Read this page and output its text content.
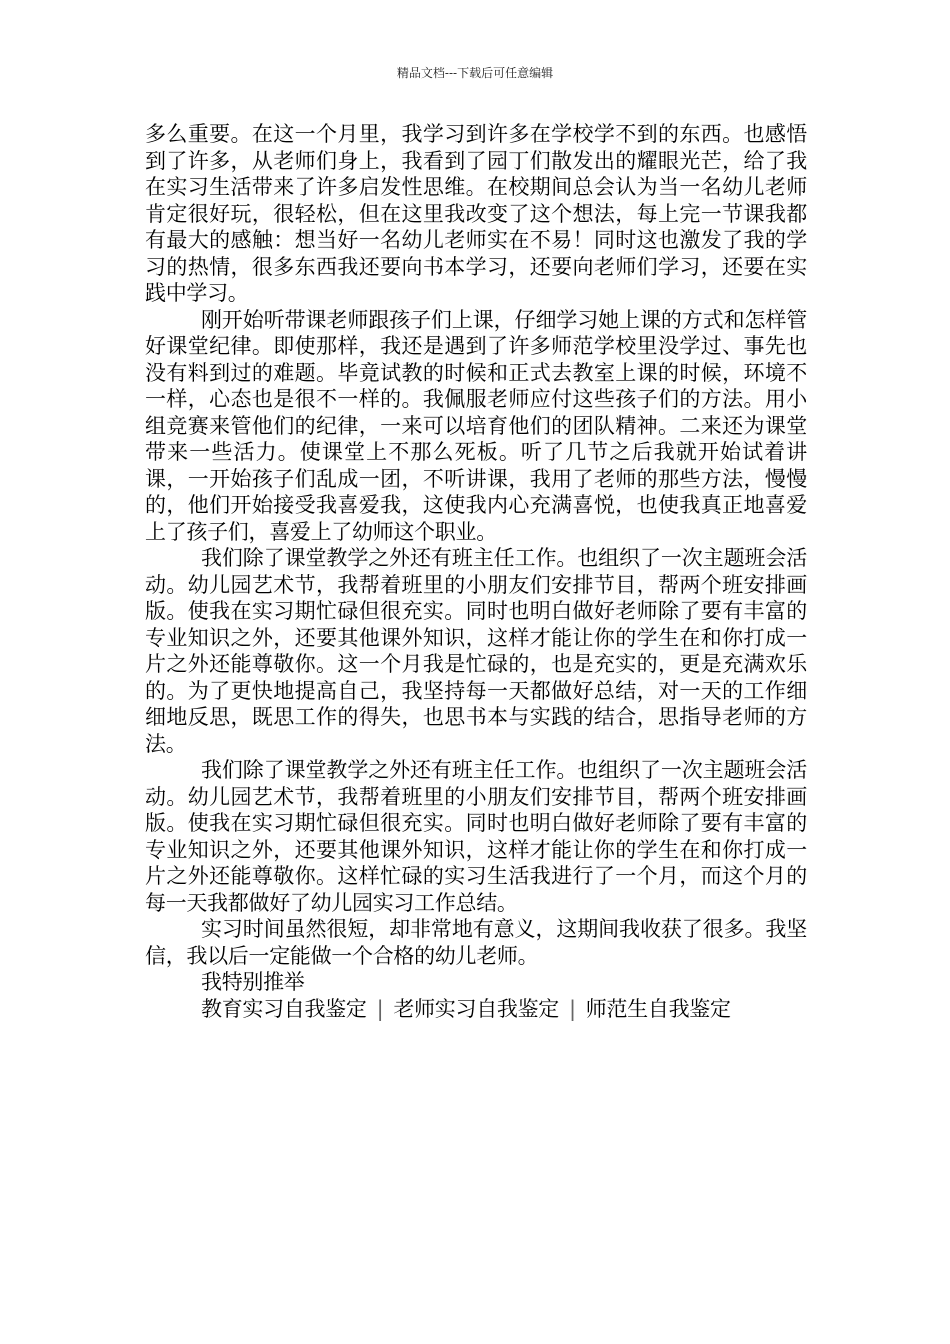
精品文档---下载后可任意编辑

多么重要。在这一个月里，我学习到许多在学校学不到的东西。也感悟到了许多，从老师们身上，我看到了园丁们散发出的耀眼光芒，给了我在实习生活带来了许多启发性思维。在校期间总会认为当一名幼儿老师肯定很好玩，很轻松，但在这里我改变了这个想法，每上完一节课我都有最大的感触：想当好一名幼儿老师实在不易！同时这也激发了我的学习的热情，很多东西我还要向书本学习，还要向老师们学习，还要在实践中学习。

刚开始听带课老师跟孩子们上课，仔细学习她上课的方式和怎样管好课堂纪律。即使那样，我还是遇到了许多师范学校里没学过、事先也没有料到过的难题。毕竟试教的时候和正式去教室上课的时候，环境不一样，心态也是很不一样的。我佩服老师应付这些孩子们的方法。用小组竞赛来管他们的纪律，一来可以培育他们的团队精神。二来还为课堂带来一些活力。使课堂上不那么死板。听了几节之后我就开始试着讲课，一开始孩子们乱成一团，不听讲课，我用了老师的那些方法，慢慢的，他们开始接受我喜爱我，这使我内心充满喜悦，也使我真正地喜爱上了孩子们，喜爱上了幼师这个职业。

我们除了课堂教学之外还有班主任工作。也组织了一次主题班会活动。幼儿园艺术节，我帮着班里的小朋友们安排节目，帮两个班安排画版。使我在实习期忙碌但很充实。同时也明白做好老师除了要有丰富的专业知识之外，还要其他课外知识，这样才能让你的学生在和你打成一片之外还能尊敬你。这一个月我是忙碌的，也是充实的，更是充满欢乐的。为了更快地提高自己，我坚持每一天都做好总结，对一天的工作细细地反思，既思工作的得失，也思书本与实践的结合，思指导老师的方法。

我们除了课堂教学之外还有班主任工作。也组织了一次主题班会活动。幼儿园艺术节，我帮着班里的小朋友们安排节目，帮两个班安排画版。使我在实习期忙碌但很充实。同时也明白做好老师除了要有丰富的专业知识之外，还要其他课外知识，这样才能让你的学生在和你打成一片之外还能尊敬你。这样忙碌的实习生活我进行了一个月，而这个月的每一天我都做好了幼儿园实习工作总结。

实习时间虽然很短，却非常地有意义，这期间我收获了很多。我坚信，我以后一定能做一个合格的幼儿老师。

我特别推举

教育实习自我鉴定 | 老师实习自我鉴定 | 师范生自我鉴定
